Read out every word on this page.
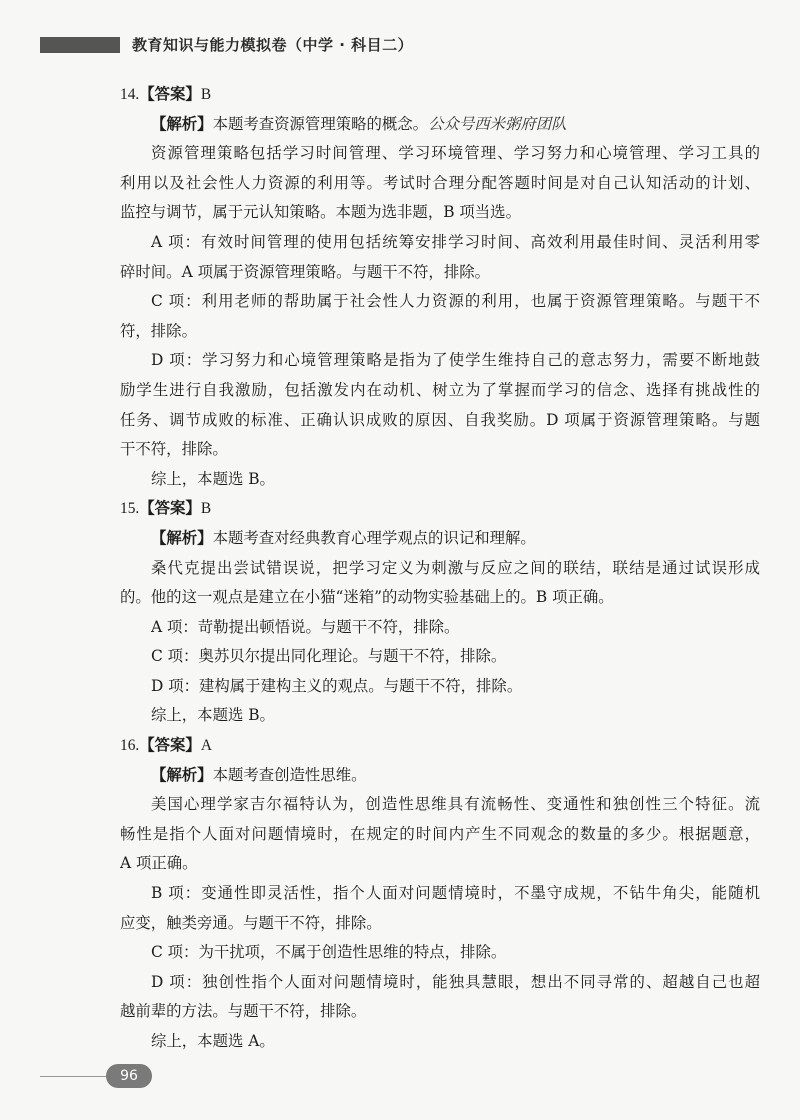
教育知识与能力模拟卷（中学 · 科目二）
14.【答案】B
【解析】本题考查资源管理策略的概念。公众号西米粥府团队
资源管理策略包括学习时间管理、学习环境管理、学习努力和心境管理、学习工具的
利用以及社会性人力资源的利用等。考试时合理分配答题时间是对自己认知活动的计划、
监控与调节，属于元认知策略。本题为选非题，B 项当选。
A 项：有效时间管理的使用包括统筹安排学习时间、高效利用最佳时间、灵活利用零
碎时间。A 项属于资源管理策略。与题干不符，排除。
C 项：利用老师的帮助属于社会性人力资源的利用，也属于资源管理策略。与题干不
符，排除。
D 项：学习努力和心境管理策略是指为了使学生维持自己的意志努力，需要不断地鼓
励学生进行自我激励，包括激发内在动机、树立为了掌握而学习的信念、选择有挑战性的
任务、调节成败的标准、正确认识成败的原因、自我奖励。D 项属于资源管理策略。与题
干不符，排除。
综上，本题选 B。
15.【答案】B
【解析】本题考查对经典教育心理学观点的识记和理解。
桑代克提出尝试错误说，把学习定义为刺激与反应之间的联结，联结是通过试误形成
的。他的这一观点是建立在小猫“迷箱”的动物实验基础上的。B 项正确。
A 项：苛勒提出顿悟说。与题干不符，排除。
C 项：奥苏贝尔提出同化理论。与题干不符，排除。
D 项：建构属于建构主义的观点。与题干不符，排除。
综上，本题选 B。
16.【答案】A
【解析】本题考查创造性思维。
美国心理学家吉尔福特认为，创造性思维具有流畅性、变通性和独创性三个特征。流
畅性是指个人面对问题情境时，在规定的时间内产生不同观念的数量的多少。根据题意，
A 项正确。
B 项：变通性即灵活性，指个人面对问题情境时，不墨守成规，不钻牛角尖，能随机
应变，触类旁通。与题干不符，排除。
C 项：为干扰项，不属于创造性思维的特点，排除。
D 项：独创性指个人面对问题情境时，能独具慧眼，想出不同寻常的、超越自己也超
越前辈的方法。与题干不符，排除。
综上，本题选 A。
96
